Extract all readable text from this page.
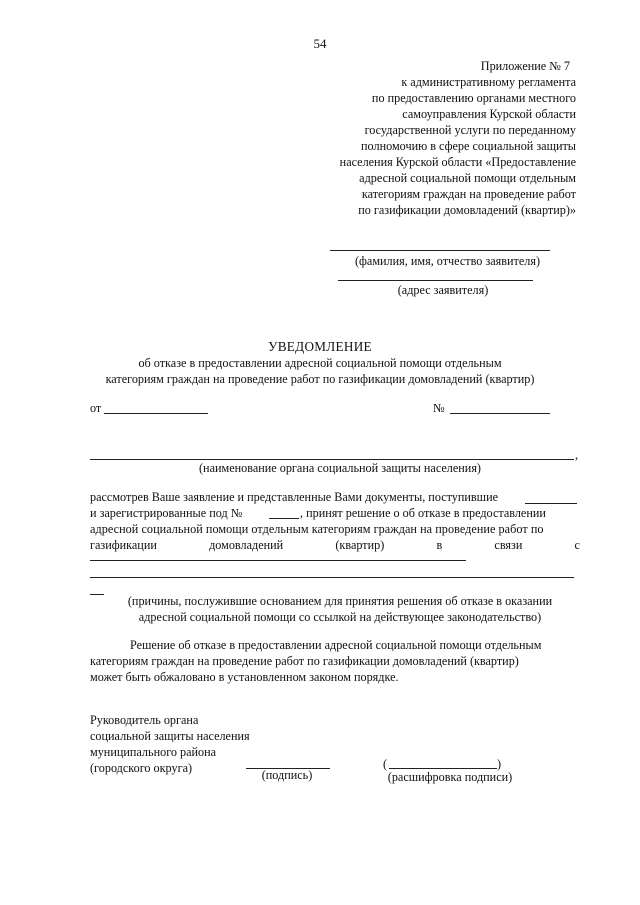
54
Приложение № 7
к административному регламента
по предоставлению органами местного
самоуправления Курской области
государственной услуги по переданному
полномочию в сфере социальной защиты
населения Курской области «Предоставление
адресной социальной помощи отдельным
категориям граждан на проведение работ
по газификации домовладений (квартир)»
(фамилия, имя, отчество заявителя)
(адрес заявителя)
УВЕДОМЛЕНИЕ
об отказе в предоставлении адресной социальной помощи отдельным
категориям граждан на проведение работ по газификации домовладений (квартир)
от	№
,
(наименование органа социальной защиты населения)
рассмотрев Ваше заявление и представленные Вами документы, поступившие
и зарегистрированные под №	, принят решение о об отказе в предоставлении
адресной социальной помощи отдельным категориям граждан на проведение работ по
газификации	домовладений	(квартир)	в	связи	с
(причины, послужившие основанием для принятия решения об отказе в оказании
адресной социальной помощи со ссылкой на действующее законодательство)
Решение об отказе в предоставлении адресной социальной помощи отдельным
категориям граждан на проведение работ по газификации домовладений (квартир)
может быть обжаловано в установленном законом порядке.
Руководитель органа
социальной защиты населения
муниципального района
(городского округа)	(подпись)
(	)
(расшифровка подписи)
